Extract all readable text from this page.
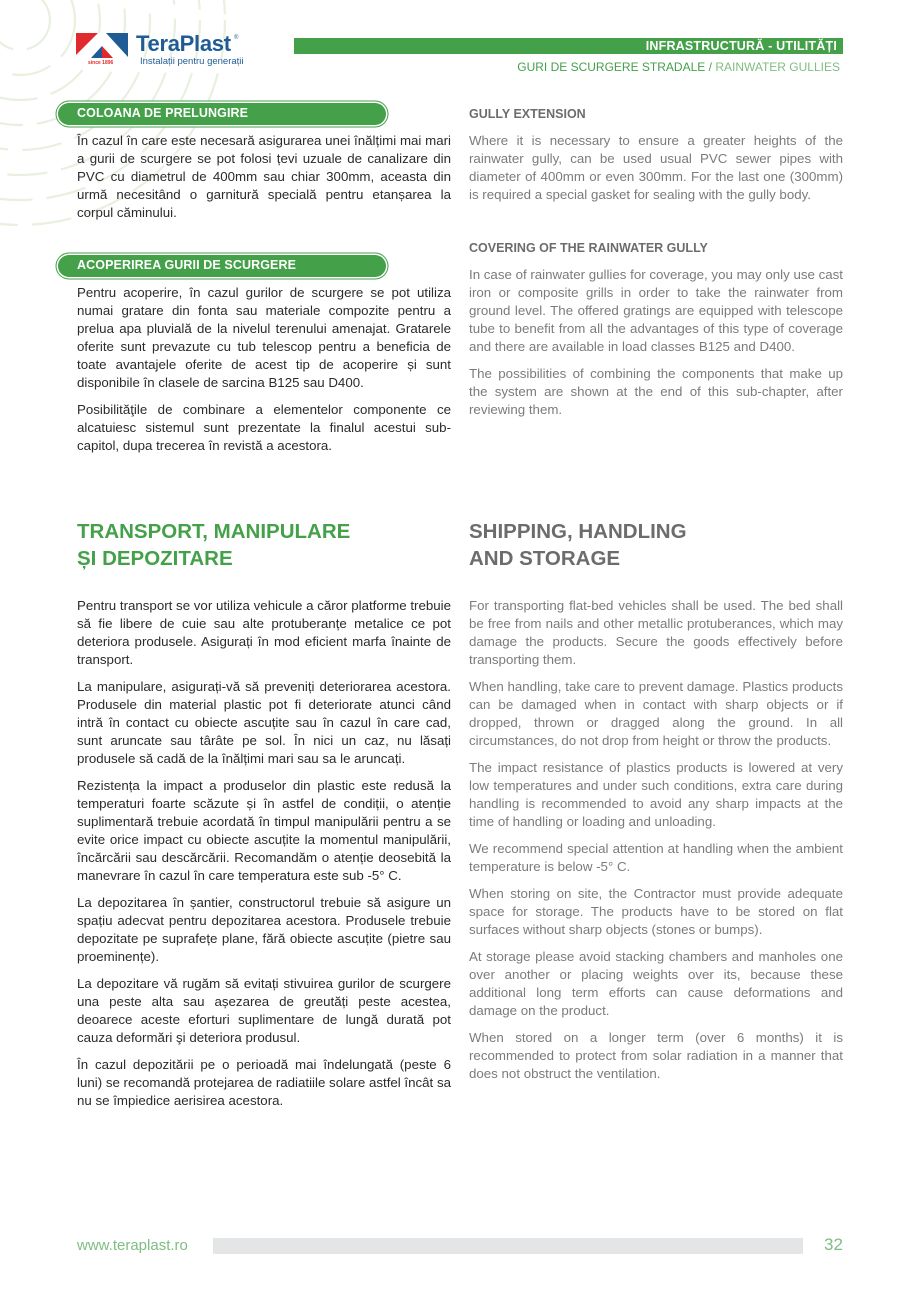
since 1896
TeraPlast ®
Instalații pentru generații
INFRASTRUCTURĂ - UTILITĂȚI
GURI DE SCURGERE STRADALE / RAINWATER GULLIES
COLOANA DE PRELUNGIRE

În cazul în care este necesară asigurarea unei înălțimi mai mari a gurii de scurgere se pot folosi țevi uzuale de canalizare din PVC cu diametrul de 400mm sau chiar 300mm, aceasta din urmă necesitând o garnitură specială pentru etanșarea la corpul căminului.

GULLY EXTENSION

Where it is necessary to ensure a greater heights of the rainwater gully, can be used usual PVC sewer pipes with diameter of 400mm or even 300mm. For the last one (300mm) is required a special gasket for sealing with the gully body.

ACOPERIREA GURII DE SCURGERE

Pentru acoperire, în cazul gurilor de scurgere se pot utiliza numai gratare din fonta sau materiale compozite pentru a prelua apa pluvială de la nivelul terenului amenajat. Gratarele oferite sunt prevazute cu tub telescop pentru a beneficia de toate avantajele oferite de acest tip de acoperire și sunt disponibile în clasele de sarcina B125 sau D400.

Posibilităţile de combinare a elementelor componente ce alcatuiesc sistemul sunt prezentate la finalul acestui sub-capitol, dupa trecerea în revistă a acestora.

COVERING OF THE RAINWATER GULLY

In case of rainwater gullies for coverage, you may only use cast iron or composite grills in order to take the rainwater from ground level. The offered gratings are equipped with telescope tube to benefit from all the advantages of this type of coverage and there are available in load classes B125 and D400.

The possibilities of combining the components that make up the system are shown at the end of this sub-chapter, after reviewing them.

TRANSPORT, MANIPULARE
ȘI DEPOZITARE
SHIPPING, HANDLING
AND STORAGE

Pentru transport se vor utiliza vehicule a căror platforme trebuie să fie libere de cuie sau alte protuberanțe metalice ce pot deteriora produsele. Asigurați în mod eficient marfa înainte de transport.

La manipulare, asigurați-vă să preveniți deteriorarea acestora. Produsele din material plastic pot fi deteriorate atunci când intră în contact cu obiecte ascuțite sau în cazul în care cad, sunt aruncate sau târâte pe sol. În nici un caz, nu lăsați produsele să cadă de la înălțimi mari sau sa le aruncați.

Rezistența la impact a produselor din plastic este redusă la temperaturi foarte scăzute și în astfel de condiții, o atenție suplimentară trebuie acordată în timpul manipulării pentru a se evite orice impact cu obiecte ascuțite la momentul manipulării, încărcării sau descărcării. Recomandăm o atenție deosebită la manevrare în cazul în care temperatura este sub -5° C.

La depozitarea în șantier, constructorul trebuie să asigure un spațiu adecvat pentru depozitarea acestora. Produsele trebuie depozitate pe suprafețe plane, fără obiecte ascuțite (pietre sau proeminențe).

La depozitare vă rugăm să evitați stivuirea gurilor de scurgere una peste alta sau așezarea de greutăți peste acestea, deoarece aceste eforturi suplimentare de lungă durată pot cauza deformări şi deteriora produsul.

În cazul depozitării pe o perioadă mai îndelungată (peste 6 luni) se recomandă protejarea de radiatiile solare astfel încât sa nu se împiedice aerisirea acestora.

For transporting flat-bed vehicles shall be used. The bed shall be free from nails and other metallic protuberances, which may damage the products. Secure the goods effectively before transporting them.

When handling, take care to prevent damage. Plastics products can be damaged when in contact with sharp objects or if dropped, thrown or dragged along the ground. In all circumstances, do not drop from height or throw the products.

The impact resistance of plastics products is lowered at very low temperatures and under such conditions, extra care during handling is recommended to avoid any sharp impacts at the time of handling or loading and unloading.

We recommend special attention at handling when the ambient temperature is below -5° C.

When storing on site, the Contractor must provide adequate space for storage. The products have to be stored on flat surfaces without sharp objects (stones or bumps).

At storage please avoid stacking chambers and manholes one over another or placing weights over its, because these additional long term efforts can cause deformations and damage on the product.

When stored on a longer term (over 6 months) it is recommended to protect from solar radiation in a manner that does not obstruct the ventilation.

www.teraplast.ro	32
